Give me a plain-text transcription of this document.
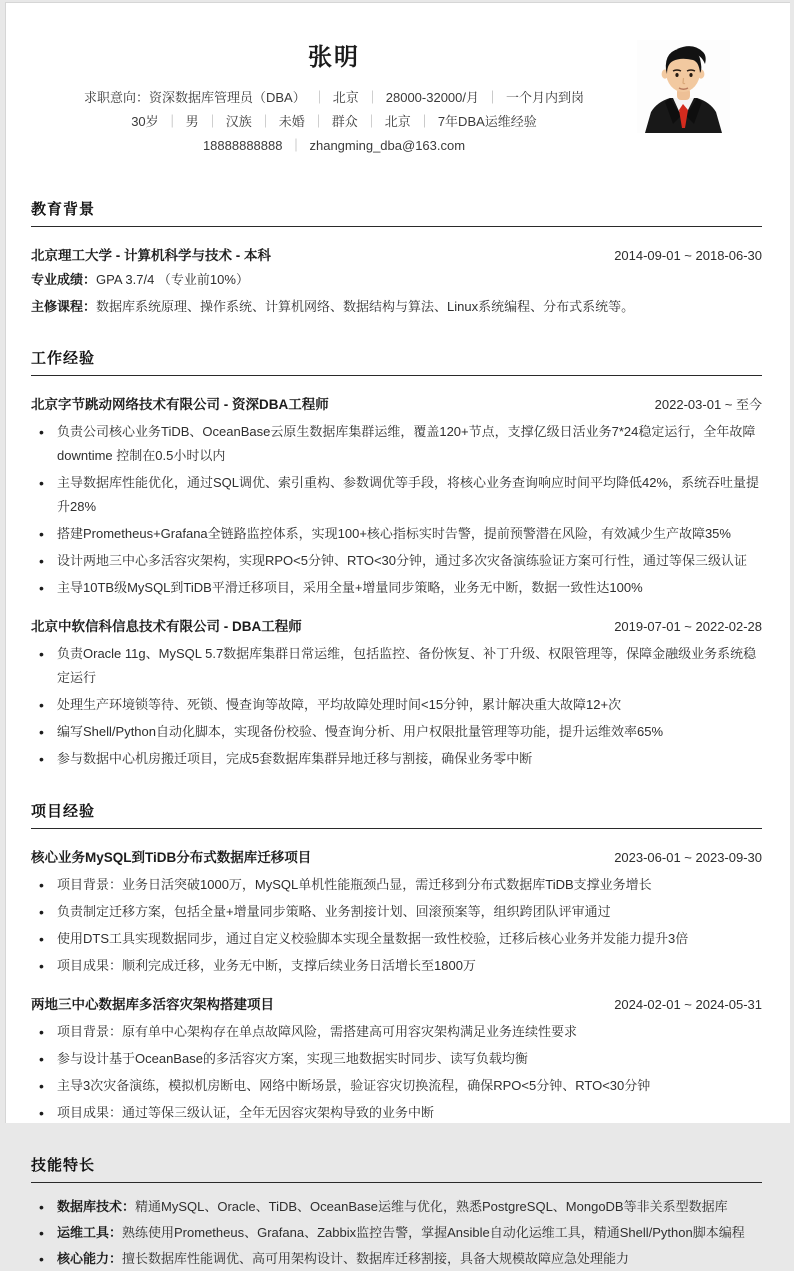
张明
求职意向：资深数据库管理员（DBA） ｜ 北京 ｜ 28000-32000/月 ｜ 一个月内到岗
30岁 ｜ 男 ｜ 汉族 ｜ 未婚 ｜ 群众 ｜ 北京 ｜ 7年DBA运维经验
18888888888 ｜ zhangming_dba@163.com
教育背景
北京理工大学 - 计算机科学与技术 - 本科	2014-09-01 ~ 2018-06-30
专业成绩：GPA 3.7/4 （专业前10%）
主修课程：数据库系统原理、操作系统、计算机网络、数据结构与算法、Linux系统编程、分布式系统等。
工作经验
北京字节跳动网络技术有限公司 - 资深DBA工程师	2022-03-01 ~ 至今
• 负责公司核心业务TiDB、OceanBase云原生数据库集群运维，覆盖120+节点，支撑亿级日活业务7*24稳定运行，全年故障 downtime 控制在0.5小时以内
• 主导数据库性能优化，通过SQL调优、索引重构、参数调优等手段，将核心业务查询响应时间平均降低42%，系统吞吐量提升28%
• 搭建Prometheus+Grafana全链路监控体系，实现100+核心指标实时告警，提前预警潜在风险，有效减少生产故障35%
• 设计两地三中心多活容灾架构，实现RPO<5分钟、RTO<30分钟，通过多次灾备演练验证方案可行性，通过等保三级认证
• 主导10TB级MySQL到TiDB平滑迁移项目，采用全量+增量同步策略，业务无中断，数据一致性达100%
北京中软信科信息技术有限公司 - DBA工程师	2019-07-01 ~ 2022-02-28
• 负责Oracle 11g、MySQL 5.7数据库集群日常运维，包括监控、备份恢复、补丁升级、权限管理等，保障金融级业务系统稳定运行
• 处理生产环境锁等待、死锁、慢查询等故障，平均故障处理时间<15分钟，累计解决重大故障12+次
• 编写Shell/Python自动化脚本，实现备份校验、慢查询分析、用户权限批量管理等功能，提升运维效率65%
• 参与数据中心机房搬迁项目，完成5套数据库集群异地迁移与割接，确保业务零中断
项目经验
核心业务MySQL到TiDB分布式数据库迁移项目	2023-06-01 ~ 2023-09-30
• 项目背景：业务日活突破1000万，MySQL单机性能瓶颈凸显，需迁移到分布式数据库TiDB支撑业务增长
• 负责制定迁移方案，包括全量+增量同步策略、业务割接计划、回滚预案等，组织跨团队评审通过
• 使用DTS工具实现数据同步，通过自定义校验脚本实现全量数据一致性校验，迁移后核心业务并发能力提升3倍
• 项目成果：顺利完成迁移，业务无中断，支撑后续业务日活增长至1800万
两地三中心数据库多活容灾架构搭建项目	2024-02-01 ~ 2024-05-31
• 项目背景：原有单中心架构存在单点故障风险，需搭建高可用容灾架构满足业务连续性要求
• 参与设计基于OceanBase的多活容灾方案，实现三地数据实时同步、读写负载均衡
• 主导3次灾备演练，模拟机房断电、网络中断场景，验证容灾切换流程，确保RPO<5分钟、RTO<30分钟
• 项目成果：通过等保三级认证，全年无因容灾架构导致的业务中断
技能特长
• 数据库技术：精通MySQL、Oracle、TiDB、OceanBase运维与优化，熟悉PostgreSQL、MongoDB等非关系型数据库
• 运维工具：熟练使用Prometheus、Grafana、Zabbix监控告警，掌握Ansible自动化运维工具，精通Shell/Python脚本编程
• 核心能力：擅长数据库性能调优、高可用架构设计、数据库迁移割接，具备大规模故障应急处理能力
